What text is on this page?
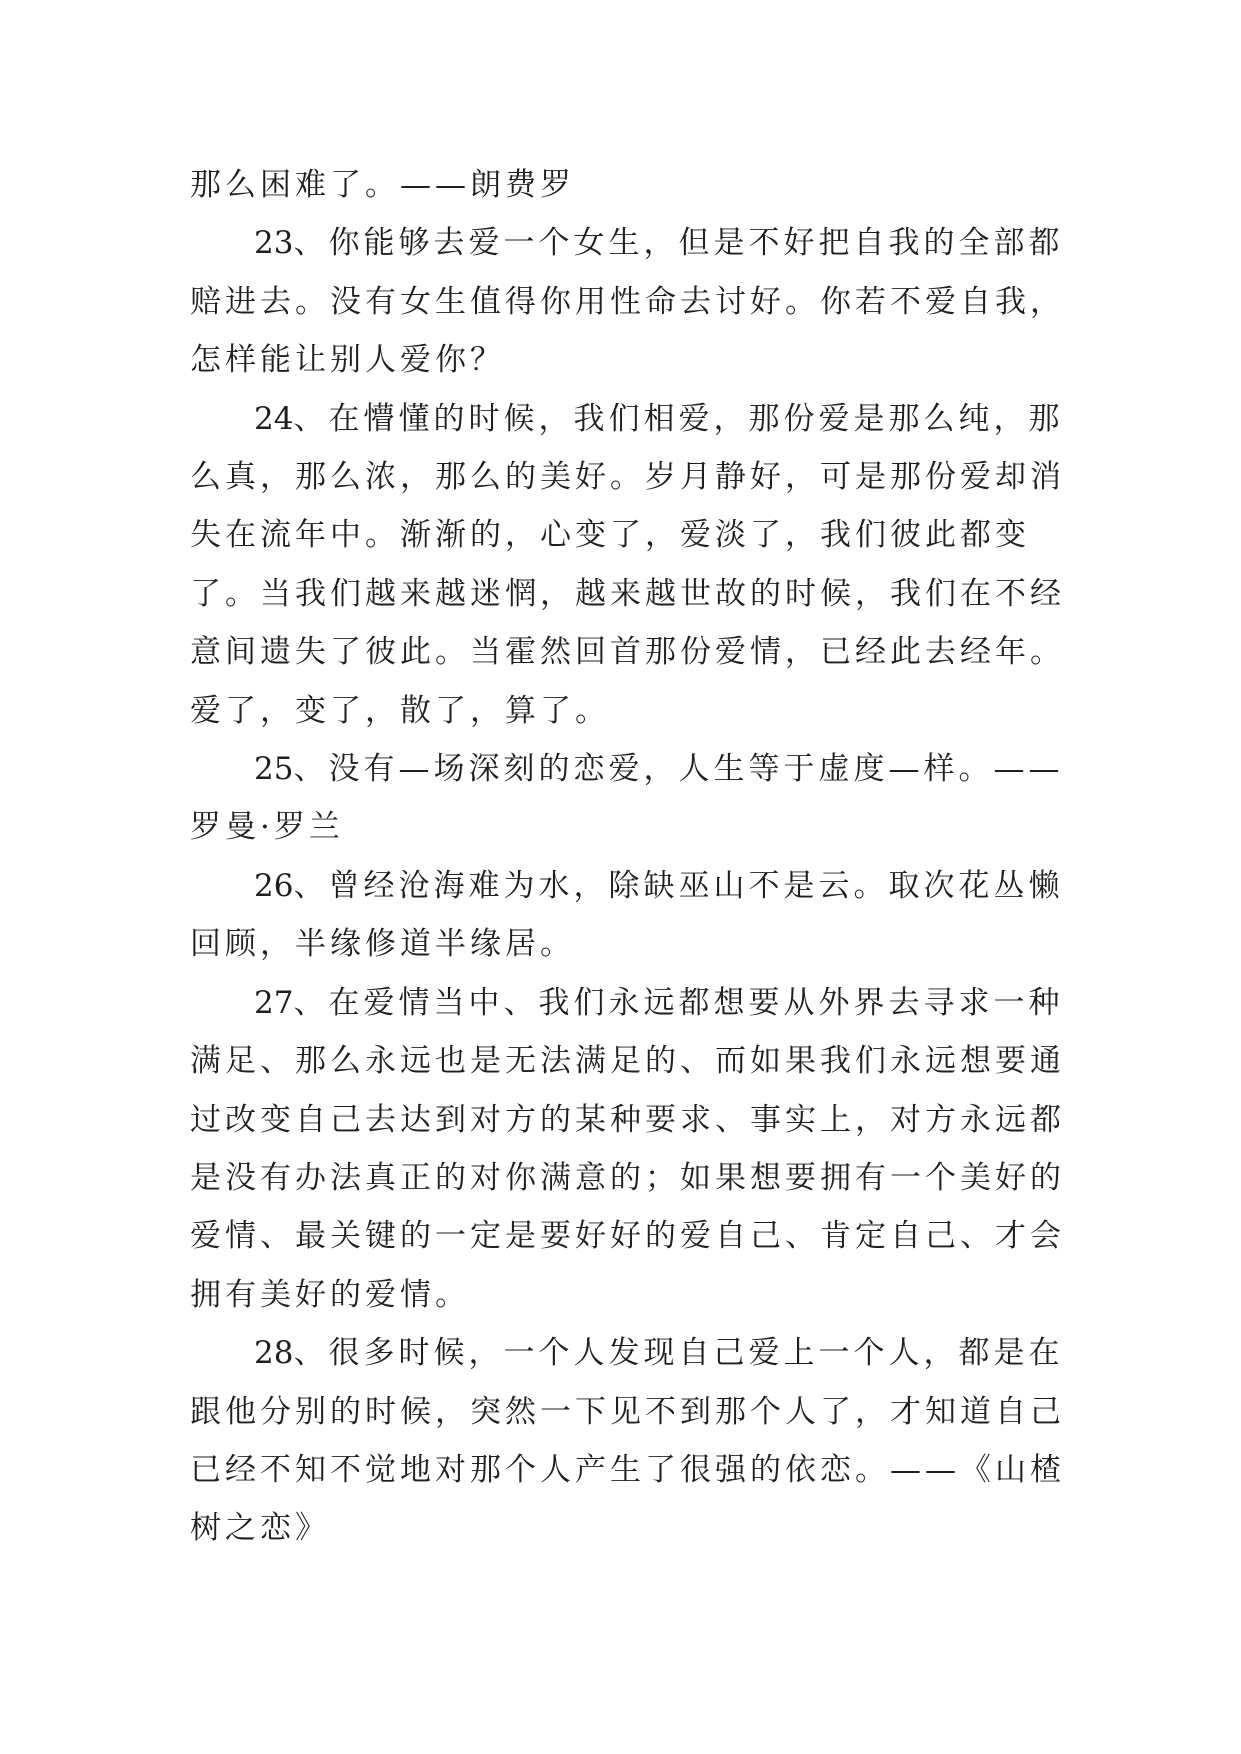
那么困难了。——朗费罗

23、你能够去爱一个女生，但是不好把自我的全部都赔进去。没有女生值得你用性命去讨好。你若不爱自我，怎样能让别人爱你？

24、在懵懂的时候，我们相爱，那份爱是那么纯，那么真，那么浓，那么的美好。岁月静好，可是那份爱却消失在流年中。渐渐的，心变了，爱淡了，我们彼此都变了。当我们越来越迷惘，越来越世故的时候，我们在不经意间遗失了彼此。当霍然回首那份爱情，已经此去经年。爱了，变了，散了，算了。

25、没有—场深刻的恋爱，人生等于虚度—样。——罗曼·罗兰

26、曾经沧海难为水，除缺巫山不是云。取次花丛懒回顾，半缘修道半缘居。

27、在爱情当中、我们永远都想要从外界去寻求一种满足、那么永远也是无法满足的、而如果我们永远想要通过改变自己去达到对方的某种要求、事实上，对方永远都是没有办法真正的对你满意的；如果想要拥有一个美好的爱情、最关键的一定是要好好的爱自己、肯定自己、才会拥有美好的爱情。

28、很多时候，一个人发现自己爱上一个人，都是在跟他分别的时候，突然一下见不到那个人了，才知道自己已经不知不觉地对那个人产生了很强的依恋。——《山楂树之恋》
